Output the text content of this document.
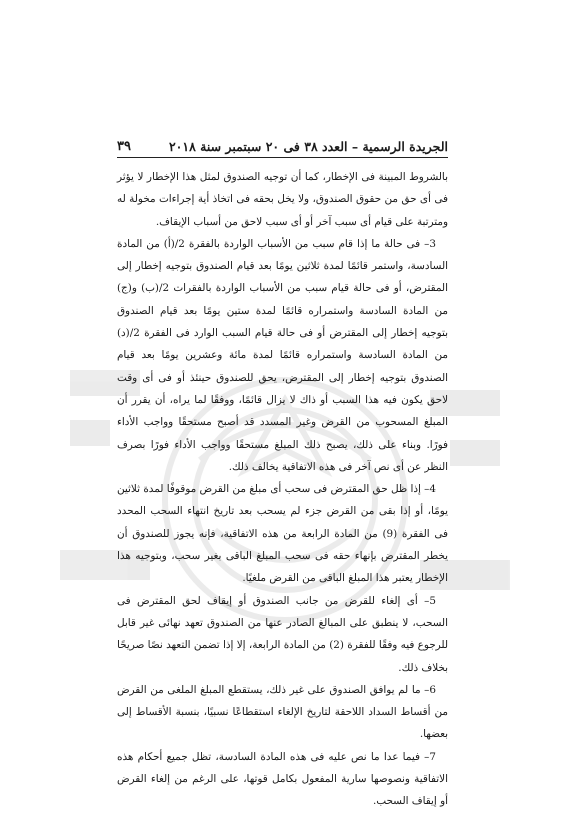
الجريدة الرسمية – العدد ٣٨ فى ٢٠ سبتمبر سنة ٢٠١٨
٣٩

بالشروط المبينة فى الإخطار، كما أن توجيه الصندوق لمثل هذا الإخطار لا يؤثر فى أى حق من حقوق الصندوق، ولا يخل بحقه فى اتخاذ أية إجراءات مخولة له ومترتبة على قيام أى سبب آخر أو أى سبب لاحق من أسباب الإيقاف.

3– فى حالة ما إذا قام سبب من الأسباب الواردة بالفقرة 2/(أ) من المادة السادسة، واستمر قائمًا لمدة ثلاثين يومًا بعد قيام الصندوق بتوجيه إخطار إلى المقترض، أو فى حالة قيام سبب من الأسباب الواردة بالفقرات 2/(ب) و(ج) من المادة السادسة واستمراره قائمًا لمدة ستين يومًا بعد قيام الصندوق بتوجيه إخطار إلى المقترض أو فى حالة قيام السبب الوارد فى الفقرة 2/(د) من المادة السادسة واستمراره قائمًا لمدة مائة وعشرين يومًا بعد قيام الصندوق بتوجيه إخطار إلى المقترض، يحق للصندوق حينئذ أو فى أى وقت لاحق يكون فيه هذا السبب أو ذاك لا يزال قائمًا، ووفقًا لما يراه، أن يقرر أن المبلغ المسحوب من القرض وغير المسدد قد أصبح مستحقًا وواجب الأداء فورًا. وبناء على ذلك، يصبح ذلك المبلغ مستحقًا وواجب الأداء فورًا بصرف النظر عن أى نص آخر فى هذه الاتفاقية يخالف ذلك.

4– إذا ظل حق المقترض فى سحب أى مبلغ من القرض موقوفًا لمدة ثلاثين يومًا، أو إذا بقى من القرض جزء لم يسحب بعد تاريخ انتهاء السحب المحدد فى الفقرة (9) من المادة الرابعة من هذه الاتفاقية، فإنه يجوز للصندوق أن يخطر المقترض بإنهاء حقه فى سحب المبلغ الباقى بغير سحب، وبتوجيه هذا الإخطار يعتبر هذا المبلغ الباقى من القرض ملغيًا.

5– أى إلغاء للقرض من جانب الصندوق أو إيقاف لحق المقترض فى السحب، لا ينطبق على المبالغ الصادر عنها من الصندوق تعهد نهائى غير قابل للرجوع فيه وفقًا للفقرة (2) من المادة الرابعة، إلا إذا تضمن التعهد نصًا صريحًا بخلاف ذلك.

6– ما لم يوافق الصندوق على غير ذلك، يستقطع المبلغ الملغى من القرض من أقساط السداد اللاحقة لتاريخ الإلغاء استقطاعًا نسبيًا، بنسبة الأقساط إلى بعضها.

7– فيما عدا ما نص عليه فى هذه المادة السادسة، تظل جميع أحكام هذه الاتفاقية ونصوصها سارية المفعول بكامل قوتها، على الرغم من إلغاء القرض أو إيقاف السحب.
